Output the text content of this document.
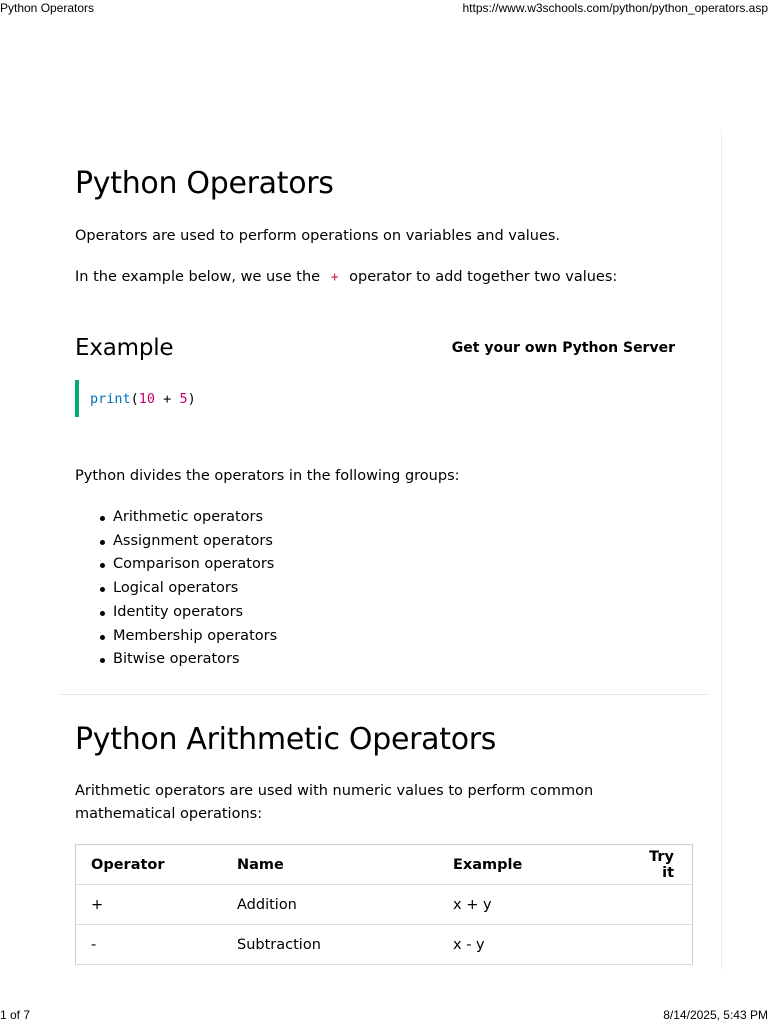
Python Operators	https://www.w3schools.com/python/python_operators.asp
Python Operators

Operators are used to perform operations on variables and values.

In the example below, we use the + operator to add together two values:

Example	Get your own Python Server
print ( 10 + 5 )

Python divides the operators in the following groups:

Arithmetic operators
Assignment operators
Comparison operators
Logical operators
Identity operators
Membership operators
Bitwise operators
Python Arithmetic Operators

Arithmetic operators are used with numeric values to perform common mathematical operations:

Operator	Name	Example	Try it
+	Addition	x + y	
-	Subtraction	x - y	
1 of 7	8/14/2025, 5:43 PM
